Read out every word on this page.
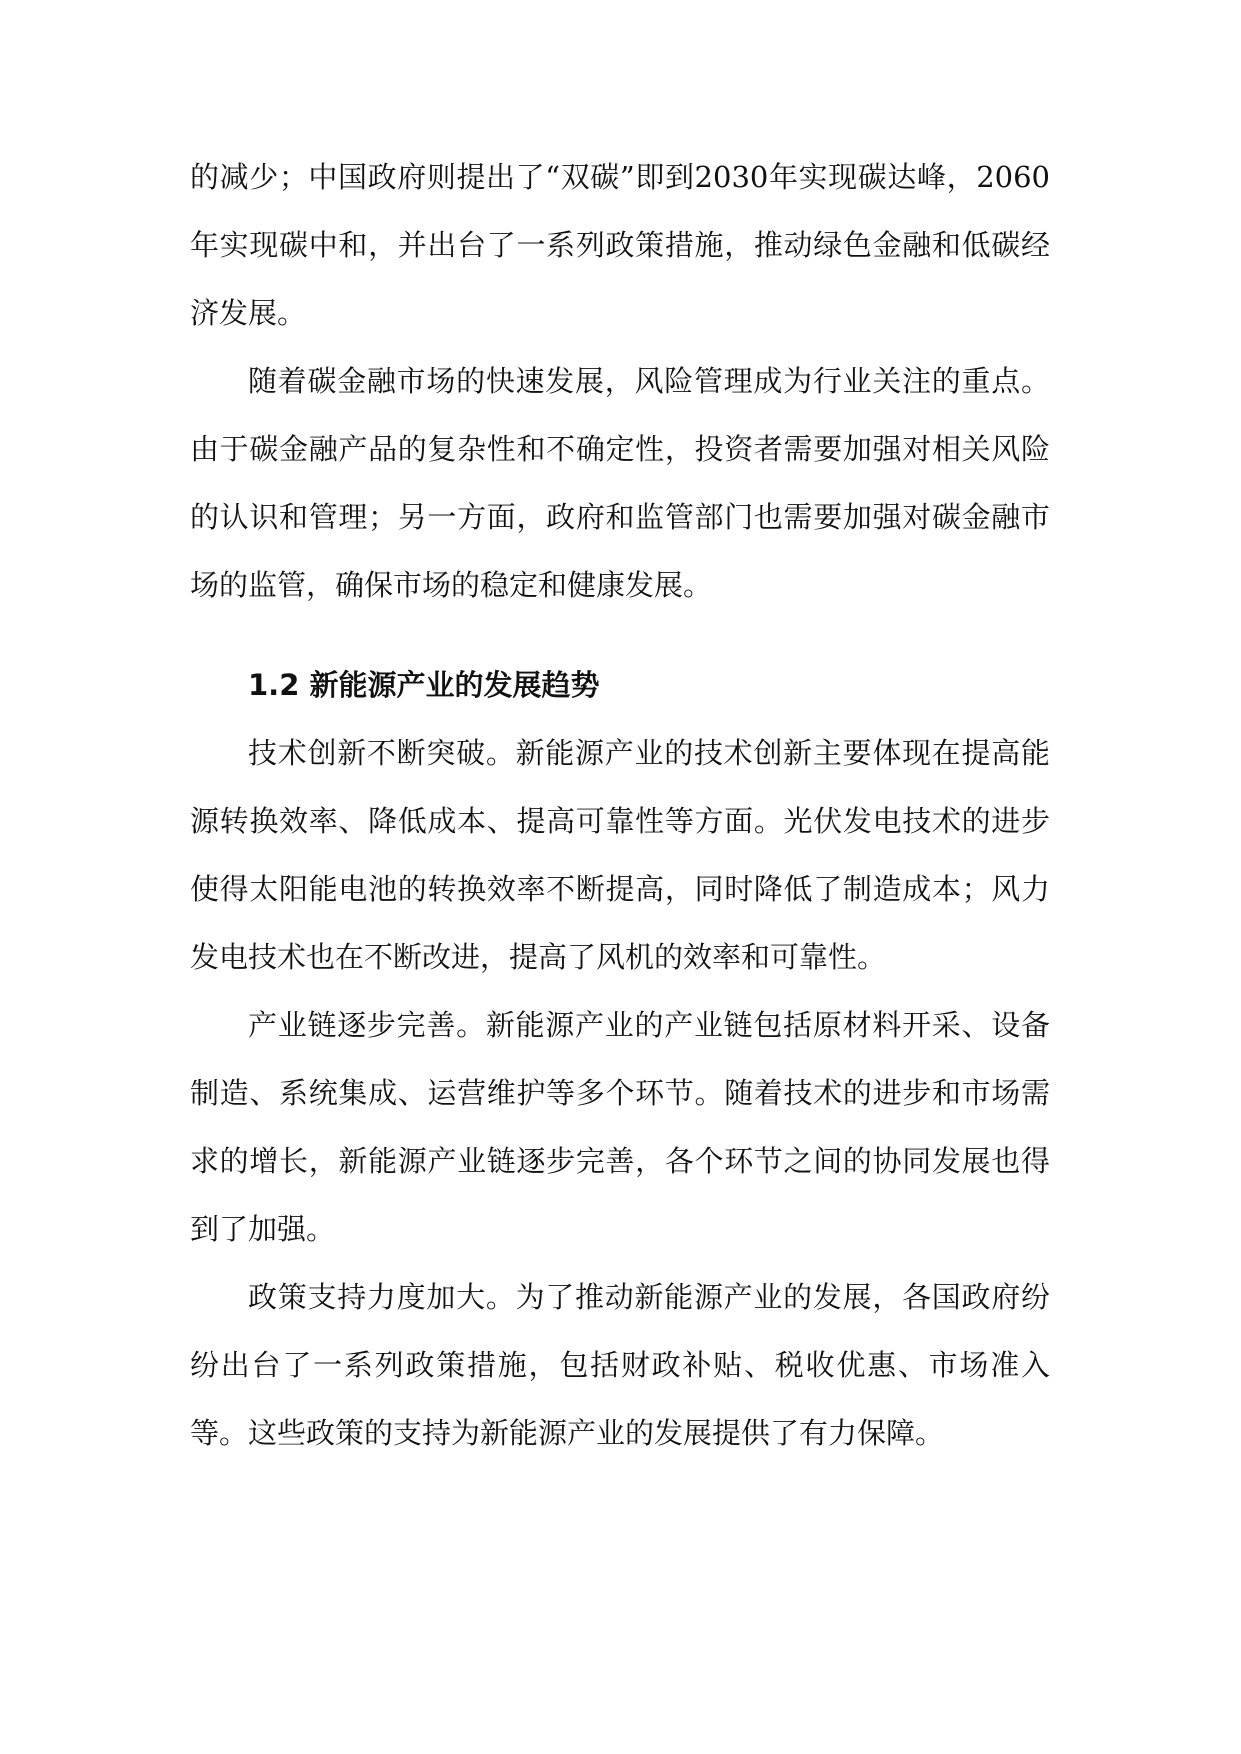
的减少；中国政府则提出了“双碳”即到2030年实现碳达峰，2060年实现碳中和，并出台了一系列政策措施，推动绿色金融和低碳经济发展。

随着碳金融市场的快速发展，风险管理成为行业关注的重点。由于碳金融产品的复杂性和不确定性，投资者需要加强对相关风险的认识和管理；另一方面，政府和监管部门也需要加强对碳金融市场的监管，确保市场的稳定和健康发展。

1.2 新能源产业的发展趋势

技术创新不断突破。新能源产业的技术创新主要体现在提高能源转换效率、降低成本、提高可靠性等方面。光伏发电技术的进步使得太阳能电池的转换效率不断提高，同时降低了制造成本；风力发电技术也在不断改进，提高了风机的效率和可靠性。

产业链逐步完善。新能源产业的产业链包括原材料开采、设备制造、系统集成、运营维护等多个环节。随着技术的进步和市场需求的增长，新能源产业链逐步完善，各个环节之间的协同发展也得到了加强。

政策支持力度加大。为了推动新能源产业的发展，各国政府纷纷出台了一系列政策措施，包括财政补贴、税收优惠、市场准入等。这些政策的支持为新能源产业的发展提供了有力保障。
